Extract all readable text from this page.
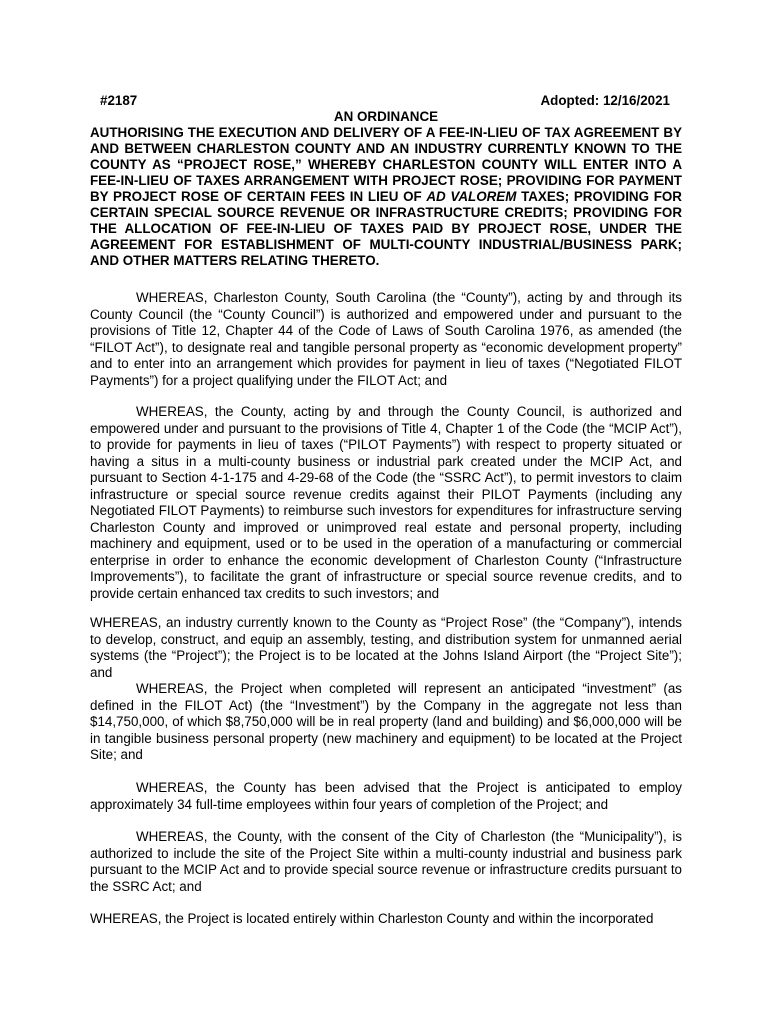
#2187	Adopted: 12/16/2021
AN ORDINANCE
AUTHORISING THE EXECUTION AND DELIVERY OF A FEE-IN-LIEU OF TAX AGREEMENT BY AND BETWEEN CHARLESTON COUNTY AND AN INDUSTRY CURRENTLY KNOWN TO THE COUNTY AS “PROJECT ROSE,” WHEREBY CHARLESTON COUNTY WILL ENTER INTO A FEE-IN-LIEU OF TAXES ARRANGEMENT WITH PROJECT ROSE; PROVIDING FOR PAYMENT BY PROJECT ROSE OF CERTAIN FEES IN LIEU OF AD VALOREM TAXES; PROVIDING FOR CERTAIN SPECIAL SOURCE REVENUE OR INFRASTRUCTURE CREDITS; PROVIDING FOR THE ALLOCATION OF FEE-IN-LIEU OF TAXES PAID BY PROJECT ROSE, UNDER THE AGREEMENT FOR ESTABLISHMENT OF MULTI-COUNTY INDUSTRIAL/BUSINESS PARK; AND OTHER MATTERS RELATING THERETO.

WHEREAS, Charleston County, South Carolina (the “County”), acting by and through its County Council (the “County Council”) is authorized and empowered under and pursuant to the provisions of Title 12, Chapter 44 of the Code of Laws of South Carolina 1976, as amended (the “FILOT Act”), to designate real and tangible personal property as “economic development property” and to enter into an arrangement which provides for payment in lieu of taxes (“Negotiated FILOT Payments”) for a project qualifying under the FILOT Act; and

WHEREAS, the County, acting by and through the County Council, is authorized and empowered under and pursuant to the provisions of Title 4, Chapter 1 of the Code (the “MCIP Act”), to provide for payments in lieu of taxes (“PILOT Payments”) with respect to property situated or having a situs in a multi-county business or industrial park created under the MCIP Act, and pursuant to Section 4-1-175 and 4-29-68 of the Code (the “SSRC Act”), to permit investors to claim infrastructure or special source revenue credits against their PILOT Payments (including any Negotiated FILOT Payments) to reimburse such investors for expenditures for infrastructure serving Charleston County and improved or unimproved real estate and personal property, including machinery and equipment, used or to be used in the operation of a manufacturing or commercial enterprise in order to enhance the economic development of Charleston County (“Infrastructure Improvements”), to facilitate the grant of infrastructure or special source revenue credits, and to provide certain enhanced tax credits to such investors; and

WHEREAS, an industry currently known to the County as “Project Rose” (the “Company”), intends to develop, construct, and equip an assembly, testing, and distribution system for unmanned aerial systems (the “Project”); the Project is to be located at the Johns Island Airport (the “Project Site”); and

WHEREAS, the Project when completed will represent an anticipated “investment” (as defined in the FILOT Act) (the “Investment”) by the Company in the aggregate not less than $14,750,000, of which $8,750,000 will be in real property (land and building) and $6,000,000 will be in tangible business personal property (new machinery and equipment) to be located at the Project Site; and

WHEREAS, the County has been advised that the Project is anticipated to employ approximately 34 full-time employees within four years of completion of the Project; and

WHEREAS, the County, with the consent of the City of Charleston (the “Municipality”), is authorized to include the site of the Project Site within a multi-county industrial and business park pursuant to the MCIP Act and to provide special source revenue or infrastructure credits pursuant to the SSRC Act; and

WHEREAS, the Project is located entirely within Charleston County and within the incorporated
